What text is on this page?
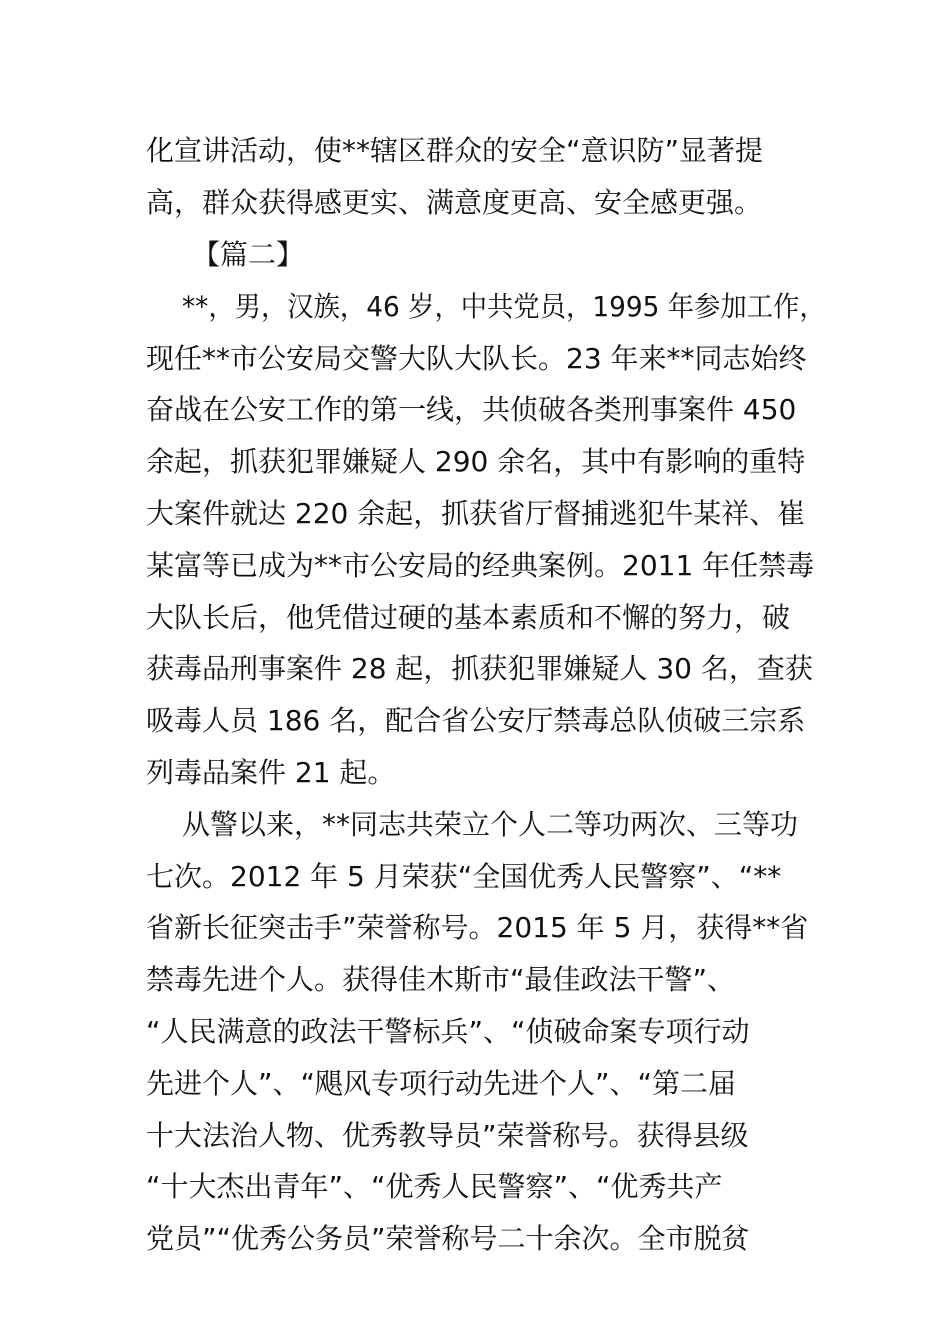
化宣讲活动，使**辖区群众的安全“意识防”显著提
高，群众获得感更实、满意度更高、安全感更强。
【篇二】
**，男，汉族，46 岁，中共党员，1995 年参加工作，
现任**市公安局交警大队大队长。23 年来**同志始终
奋战在公安工作的第一线，共侦破各类刑事案件 450
余起，抓获犯罪嫌疑人 290 余名，其中有影响的重特
大案件就达 220 余起，抓获省厅督捕逃犯牛某祥、崔
某富等已成为**市公安局的经典案例。2011 年任禁毒
大队长后，他凭借过硬的基本素质和不懈的努力，破
获毒品刑事案件 28 起，抓获犯罪嫌疑人 30 名，查获
吸毒人员 186 名，配合省公安厅禁毒总队侦破三宗系
列毒品案件 21 起。
从警以来，**同志共荣立个人二等功两次、三等功
七次。2012 年 5 月荣获“全国优秀人民警察”、“**
省新长征突击手”荣誉称号。2015 年 5 月，获得**省
禁毒先进个人。获得佳木斯市“最佳政法干警”、
“人民满意的政法干警标兵”、“侦破命案专项行动
先进个人”、“飓风专项行动先进个人”、“第二届
十大法治人物、优秀教导员”荣誉称号。获得县级
“十大杰出青年”、“优秀人民警察”、“优秀共产
党员”“优秀公务员”荣誉称号二十余次。全市脱贫
